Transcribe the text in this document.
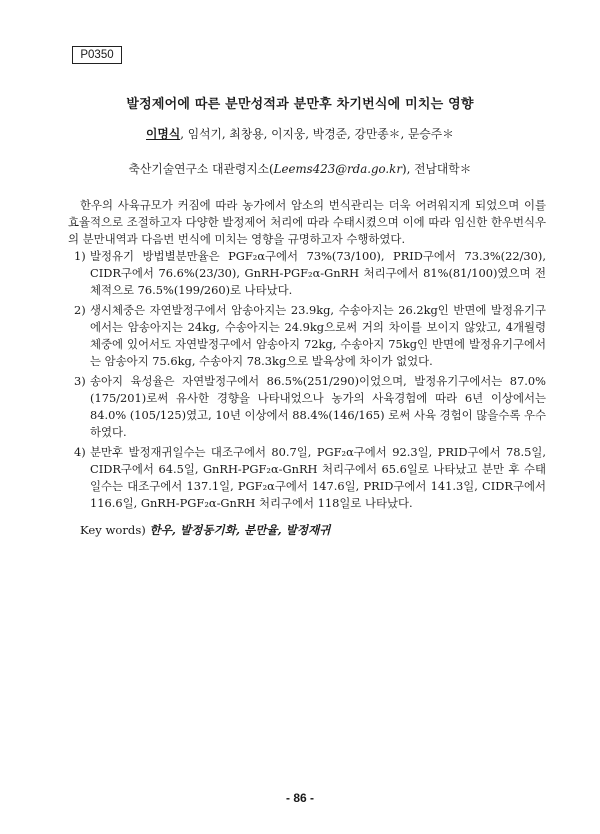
P0350
발정제어에 따른 분만성적과 분만후 차기번식에 미치는 영향
이명식, 임석기, 최창용, 이지웅, 박경준, 강만종＊, 문승주＊
축산기술연구소 대관령지소(Leems423@rda.go.kr), 전남대학＊

한우의 사육규모가 커짐에 따라 농가에서 암소의 번식관리는 더욱 어려워지게 되었으며 이를 효율적으로 조절하고자 다양한 발정제어 처리에 따라 수태시켰으며 이에 따라 임신한 한우번식우의 분만내역과 다음번 번식에 미치는 영향을 규명하고자 수행하였다.

1) 발정유기 방법별분만율은 PGF₂α구에서 73%(73/100), PRID구에서 73.3%(22/30), CIDR구에서 76.6%(23/30), GnRH-PGF₂α-GnRH 처리구에서 81%(81/100)였으며 전체적으로 76.5%(199/260)로 나타났다.
2) 생시체중은 자연발정구에서 암송아지는 23.9kg, 수송아지는 26.2kg인 반면에 발정유기구에서는 암송아지는 24kg, 수송아지는 24.9kg으로써 거의 차이를 보이지 않았고, 4개월령 체중에 있어서도 자연발정구에서 암송아지 72kg, 수송아지 75kg인 반면에 발정유기구에서는 암송아지 75.6kg, 수송아지 78.3kg으로 발육상에 차이가 없었다.
3) 송아지 육성율은 자연발정구에서 86.5%(251/290)이었으며, 발정유기구에서는 87.0% (175/201)로써 유사한 경향을 나타내었으나 농가의 사육경험에 따라 6년 이상에서는 84.0% (105/125)였고, 10년 이상에서 88.4%(146/165) 로써 사육 경험이 많을수록 우수하였다.
4) 분만후 발정재귀일수는 대조구에서 80.7일, PGF₂α구에서 92.3일, PRID구에서 78.5일, CIDR구에서 64.5일, GnRH-PGF₂α-GnRH 처리구에서 65.6일로 나타났고 분만 후 수태일수는 대조구에서 137.1일, PGF₂α구에서 147.6일, PRID구에서 141.3일, CIDR구에서 116.6일, GnRH-PGF₂α-GnRH 처리구에서 118일로 나타났다.
Key words) 한우, 발정동기화, 분만율, 발정재귀
- 86 -
